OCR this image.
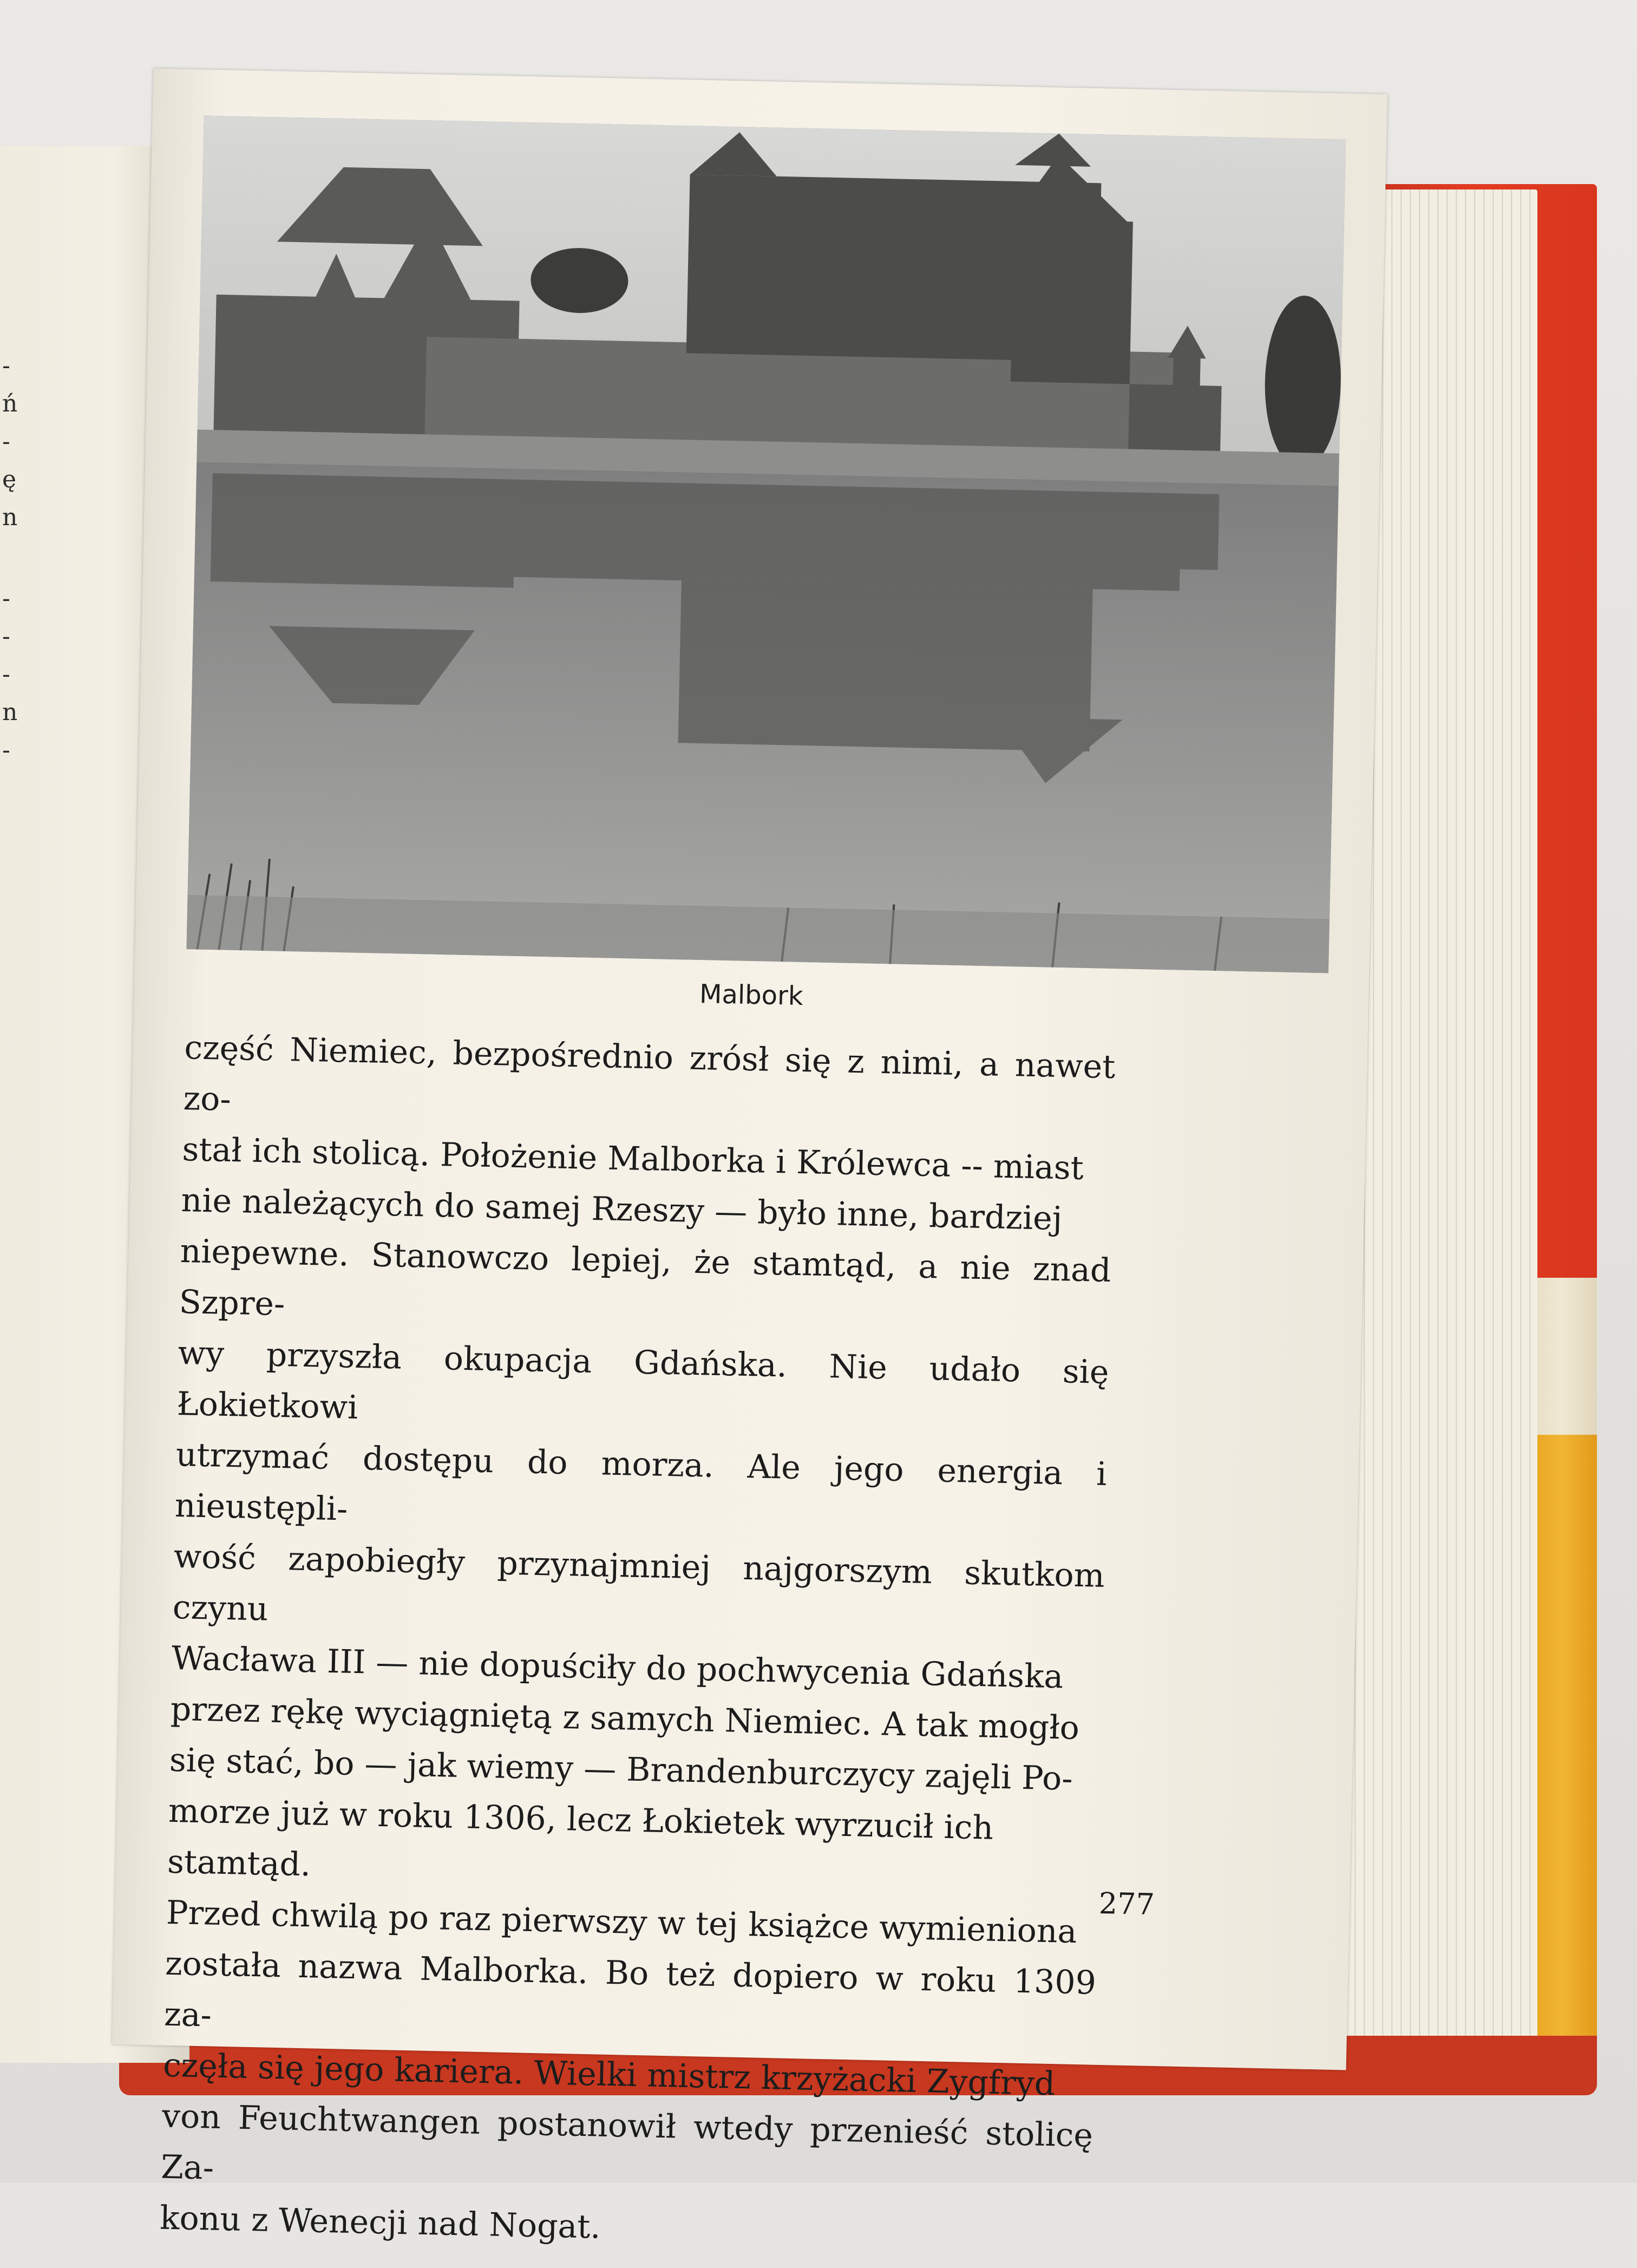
-
ń
-
ę
n
-
-
-
n
-
Malbork

część Niemiec, bezpośrednio zrósł się z nimi, a nawet zo-
stał ich stolicą. Położenie Malborka i Królewca -- miast
nie należących do samej Rzeszy — było inne, bardziej
niepewne. Stanowczo lepiej, że stamtąd, a nie znad Szpre-
wy przyszła okupacja Gdańska. Nie udało się Łokietkowi
utrzymać dostępu do morza. Ale jego energia i nieustępli-
wość zapobiegły przynajmniej najgorszym skutkom czynu
Wacława III — nie dopuściły do pochwycenia Gdańska
przez rękę wyciągniętą z samych Niemiec. A tak mogło
się stać, bo — jak wiemy — Brandenburczycy zajęli Po-
morze już w roku 1306, lecz Łokietek wyrzucił ich
stamtąd.

Przed chwilą po raz pierwszy w tej książce wymieniona
została nazwa Malborka. Bo też dopiero w roku 1309 za-
częła się jego kariera. Wielki mistrz krzyżacki Zygfryd
von Feuchtwangen postanowił wtedy przenieść stolicę Za-
konu z Wenecji nad Nogat.

277
